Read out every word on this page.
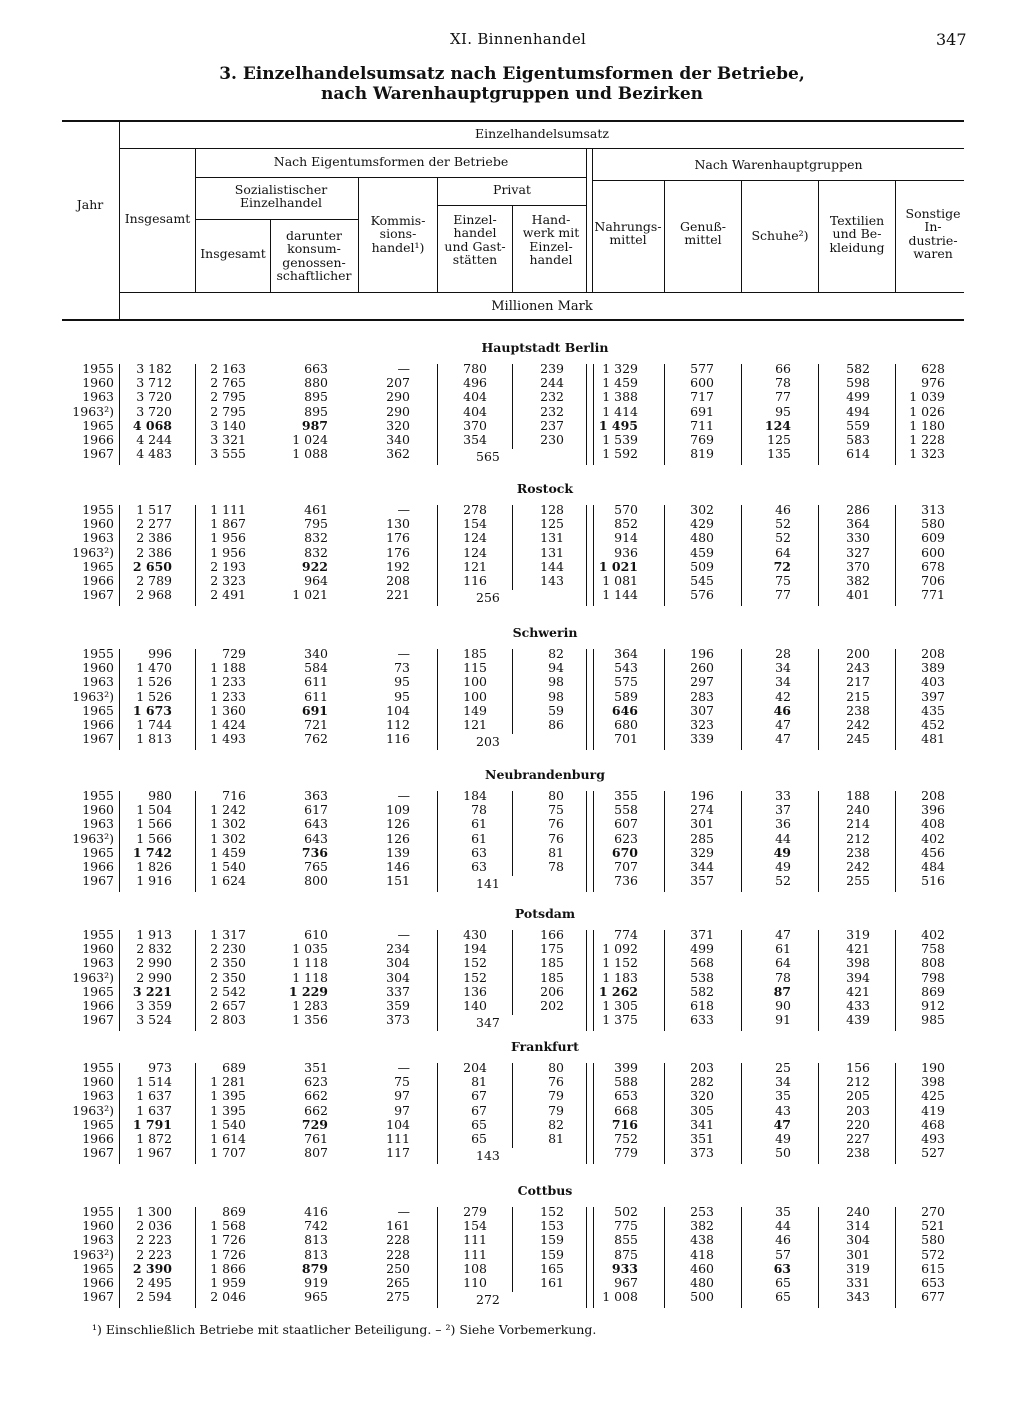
XI. Binnenhandel	347
3. Einzelhandelsumsatz nach Eigentumsformen der Betriebe,
nach Warenhauptgruppen und Bezirken
Jahr
Einzelhandelsumsatz
Insgesamt
Nach Eigentumsformen der Betriebe
Sozialistischer Einzelhandel
Insgesamt
darunter konsum-genossen-schaftlicher
Kommis-sions-handel¹)
Privat
Einzel-handel und Gast-stätten
Hand-werk mit Einzel-handel
Nach Warenhauptgruppen
Nahrungs-mittel
Genuß-mittel	Schuhe²)
Textilien und Be-kleidung
Sonstige In-dustrie-waren
Millionen Mark
Hauptstadt Berlin
1955
1960
1963
1963²)
1965
1966
1967
3 182
3 712
3 720
3 720
4 068
4 244
4 483
2 163
2 765
2 795
2 795
3 140
3 321
3 555
663
880
895
895
987
1 024
1 088
—
207
290
290
320
340
362
780
496
404
404
370
354
239
244
232
232
237
230
1 329
1 459
1 388
1 414
1 495
1 539
1 592
577
600
717
691
711
769
819
66
78
77
95
124
125
135
582
598
499
494
559
583
614
628
976
1 039
1 026
1 180
1 228
1 323
565
Rostock
1955
1960
1963
1963²)
1965
1966
1967
1 517
2 277
2 386
2 386
2 650
2 789
2 968
1 111
1 867
1 956
1 956
2 193
2 323
2 491
461
795
832
832
922
964
1 021
—
130
176
176
192
208
221
278
154
124
124
121
116
128
125
131
131
144
143
570
852
914
936
1 021
1 081
1 144
302
429
480
459
509
545
576
46
52
52
64
72
75
77
286
364
330
327
370
382
401
313
580
609
600
678
706
771
256
Schwerin
1955
1960
1963
1963²)
1965
1966
1967
996
1 470
1 526
1 526
1 673
1 744
1 813
729
1 188
1 233
1 233
1 360
1 424
1 493
340
584
611
611
691
721
762
—
73
95
95
104
112
116
185
115
100
100
149
121
82
94
98
98
59
86
364
543
575
589
646
680
701
196
260
297
283
307
323
339
28
34
34
42
46
47
47
200
243
217
215
238
242
245
208
389
403
397
435
452
481
203
Neubrandenburg
1955
1960
1963
1963²)
1965
1966
1967
980
1 504
1 566
1 566
1 742
1 826
1 916
716
1 242
1 302
1 302
1 459
1 540
1 624
363
617
643
643
736
765
800
—
109
126
126
139
146
151
184
78
61
61
63
63
80
75
76
76
81
78
355
558
607
623
670
707
736
196
274
301
285
329
344
357
33
37
36
44
49
49
52
188
240
214
212
238
242
255
208
396
408
402
456
484
516
141
Potsdam
1955
1960
1963
1963²)
1965
1966
1967
1 913
2 832
2 990
2 990
3 221
3 359
3 524
1 317
2 230
2 350
2 350
2 542
2 657
2 803
610
1 035
1 118
1 118
1 229
1 283
1 356
—
234
304
304
337
359
373
430
194
152
152
136
140
166
175
185
185
206
202
774
1 092
1 152
1 183
1 262
1 305
1 375
371
499
568
538
582
618
633
47
61
64
78
87
90
91
319
421
398
394
421
433
439
402
758
808
798
869
912
985
347
Frankfurt
1955
1960
1963
1963²)
1965
1966
1967
973
1 514
1 637
1 637
1 791
1 872
1 967
689
1 281
1 395
1 395
1 540
1 614
1 707
351
623
662
662
729
761
807
—
75
97
97
104
111
117
204
81
67
67
65
65
80
76
79
79
82
81
399
588
653
668
716
752
779
203
282
320
305
341
351
373
25
34
35
43
47
49
50
156
212
205
203
220
227
238
190
398
425
419
468
493
527
143
Cottbus
1955
1960
1963
1963²)
1965
1966
1967
1 300
2 036
2 223
2 223
2 390
2 495
2 594
869
1 568
1 726
1 726
1 866
1 959
2 046
416
742
813
813
879
919
965
—
161
228
228
250
265
275
279
154
111
111
108
110
152
153
159
159
165
161
502
775
855
875
933
967
1 008
253
382
438
418
460
480
500
35
44
46
57
63
65
65
240
314
304
301
319
331
343
270
521
580
572
615
653
677
272
¹) Einschließlich Betriebe mit staatlicher Beteiligung. – ²) Siehe Vorbemerkung.
